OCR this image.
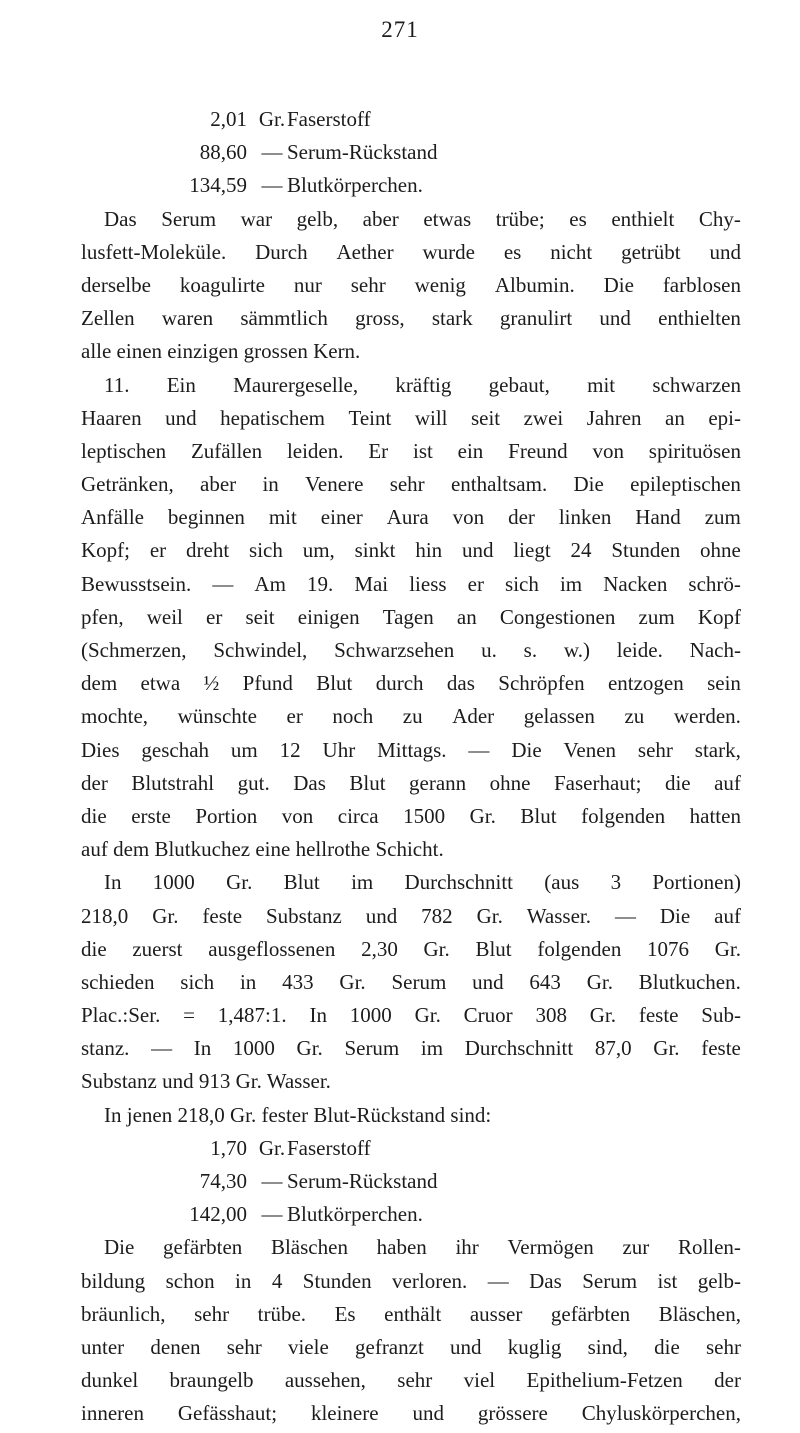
271
2,01 Gr. Faserstoff
88,60 — Serum-Rückstand
134,59 — Blutkörperchen.
Das Serum war gelb, aber etwas trübe; es enthielt Chy-
lusfett-Moleküle. Durch Aether wurde es nicht getrübt und
derselbe koagulirte nur sehr wenig Albumin. Die farblosen
Zellen waren sämmtlich gross, stark granulirt und enthielten
alle einen einzigen grossen Kern.
11. Ein Maurergeselle, kräftig gebaut, mit schwarzen
Haaren und hepatischem Teint will seit zwei Jahren an epi-
leptischen Zufällen leiden. Er ist ein Freund von spirituösen
Getränken, aber in Venere sehr enthaltsam. Die epileptischen
Anfälle beginnen mit einer Aura von der linken Hand zum
Kopf; er dreht sich um, sinkt hin und liegt 24 Stunden ohne
Bewusstsein. — Am 19. Mai liess er sich im Nacken schrö-
pfen, weil er seit einigen Tagen an Congestionen zum Kopf
(Schmerzen, Schwindel, Schwarzsehen u. s. w.) leide. Nach-
dem etwa ½ Pfund Blut durch das Schröpfen entzogen sein
mochte, wünschte er noch zu Ader gelassen zu werden.
Dies geschah um 12 Uhr Mittags. — Die Venen sehr stark,
der Blutstrahl gut. Das Blut gerann ohne Faserhaut; die auf
die erste Portion von circa 1500 Gr. Blut folgenden hatten
auf dem Blutkuchez eine hellrothe Schicht.
In 1000 Gr. Blut im Durchschnitt (aus 3 Portionen)
218,0 Gr. feste Substanz und 782 Gr. Wasser. — Die auf
die zuerst ausgeflossenen 2,30 Gr. Blut folgenden 1076 Gr.
schieden sich in 433 Gr. Serum und 643 Gr. Blutkuchen.
Plac.:Ser. = 1,487:1. In 1000 Gr. Cruor 308 Gr. feste Sub-
stanz. — In 1000 Gr. Serum im Durchschnitt 87,0 Gr. feste
Substanz und 913 Gr. Wasser.
In jenen 218,0 Gr. fester Blut-Rückstand sind:
1,70 Gr. Faserstoff
74,30 — Serum-Rückstand
142,00 — Blutkörperchen.
Die gefärbten Bläschen haben ihr Vermögen zur Rollen-
bildung schon in 4 Stunden verloren. — Das Serum ist gelb-
bräunlich, sehr trübe. Es enthält ausser gefärbten Bläschen,
unter denen sehr viele gefranzt und kuglig sind, die sehr
dunkel braungelb aussehen, sehr viel Epithelium-Fetzen der
inneren Gefässhaut; kleinere und grössere Chyluskörperchen,
